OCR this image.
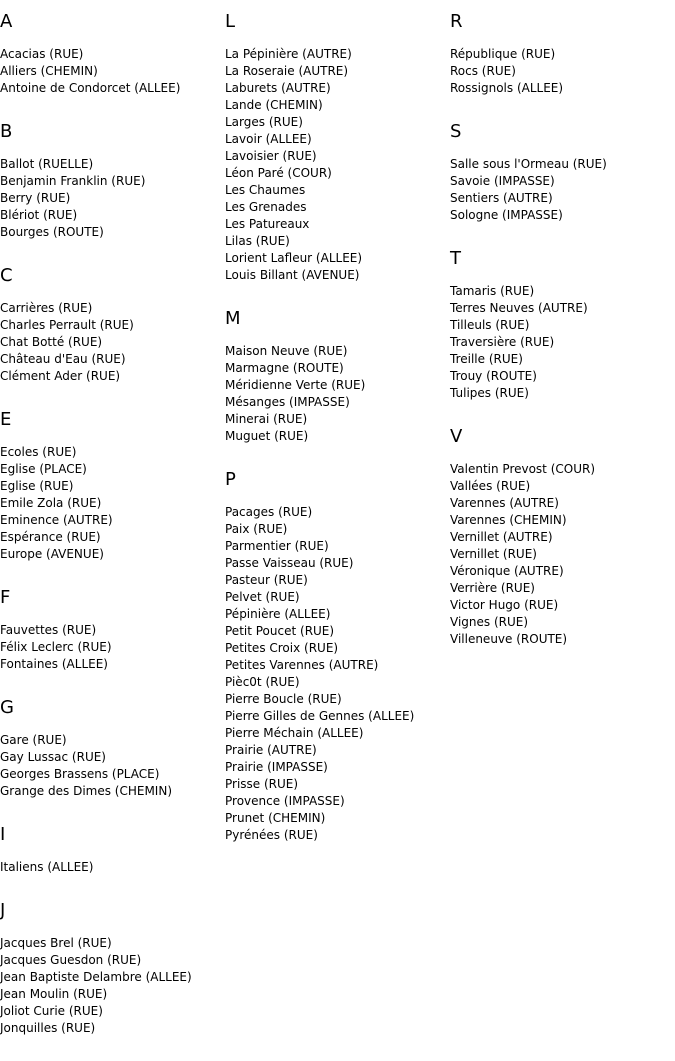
A
Acacias (RUE)
Alliers (CHEMIN)
Antoine de Condorcet (ALLEE)
B
Ballot (RUELLE)
Benjamin Franklin (RUE)
Berry (RUE)
Blériot (RUE)
Bourges (ROUTE)
C
Carrières (RUE)
Charles Perrault (RUE)
Chat Botté (RUE)
Château d'Eau (RUE)
Clément Ader (RUE)
E
Ecoles (RUE)
Eglise (PLACE)
Eglise (RUE)
Emile Zola (RUE)
Eminence (AUTRE)
Espérance (RUE)
Europe (AVENUE)
F
Fauvettes (RUE)
Félix Leclerc (RUE)
Fontaines (ALLEE)
G
Gare (RUE)
Gay Lussac (RUE)
Georges Brassens (PLACE)
Grange des Dimes (CHEMIN)
I
Italiens (ALLEE)
J
Jacques Brel (RUE)
Jacques Guesdon (RUE)
Jean Baptiste Delambre (ALLEE)
Jean Moulin (RUE)
Joliot Curie (RUE)
Jonquilles (RUE)
L
La Pépinière (AUTRE)
La Roseraie (AUTRE)
Laburets (AUTRE)
Lande (CHEMIN)
Larges (RUE)
Lavoir (ALLEE)
Lavoisier (RUE)
Léon Paré (COUR)
Les Chaumes
Les Grenades
Les Patureaux
Lilas (RUE)
Lorient Lafleur (ALLEE)
Louis Billant (AVENUE)
M
Maison Neuve (RUE)
Marmagne (ROUTE)
Méridienne Verte (RUE)
Mésanges (IMPASSE)
Minerai (RUE)
Muguet (RUE)
P
Pacages (RUE)
Paix (RUE)
Parmentier (RUE)
Passe Vaisseau (RUE)
Pasteur (RUE)
Pelvet (RUE)
Pépinière (ALLEE)
Petit Poucet (RUE)
Petites Croix (RUE)
Petites Varennes (AUTRE)
Pièc0t (RUE)
Pierre Boucle (RUE)
Pierre Gilles de Gennes (ALLEE)
Pierre Méchain (ALLEE)
Prairie (AUTRE)
Prairie (IMPASSE)
Prisse (RUE)
Provence (IMPASSE)
Prunet (CHEMIN)
Pyrénées (RUE)
R
République (RUE)
Rocs (RUE)
Rossignols (ALLEE)
S
Salle sous l'Ormeau (RUE)
Savoie (IMPASSE)
Sentiers (AUTRE)
Sologne (IMPASSE)
T
Tamaris (RUE)
Terres Neuves (AUTRE)
Tilleuls (RUE)
Traversière (RUE)
Treille (RUE)
Trouy (ROUTE)
Tulipes (RUE)
V
Valentin Prevost (COUR)
Vallées (RUE)
Varennes (AUTRE)
Varennes (CHEMIN)
Vernillet (AUTRE)
Vernillet (RUE)
Véronique (AUTRE)
Verrière (RUE)
Victor Hugo (RUE)
Vignes (RUE)
Villeneuve (ROUTE)
